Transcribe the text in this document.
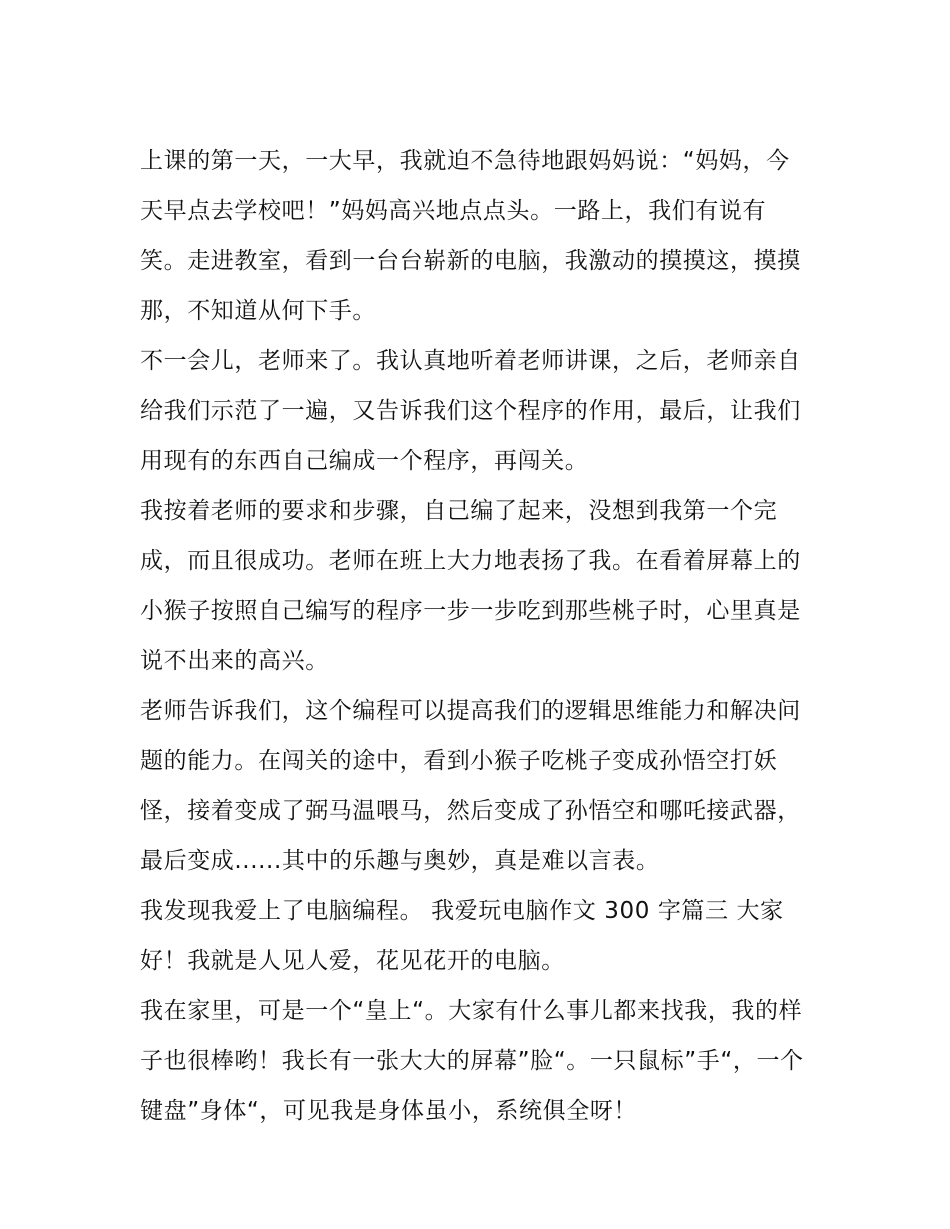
上课的第一天，一大早，我就迫不急待地跟妈妈说：“妈妈，今天早点去学校吧！”妈妈高兴地点点头。一路上，我们有说有笑。走进教室，看到一台台崭新的电脑，我激动的摸摸这，摸摸那，不知道从何下手。

不一会儿，老师来了。我认真地听着老师讲课，之后，老师亲自给我们示范了一遍，又告诉我们这个程序的作用，最后，让我们用现有的东西自己编成一个程序，再闯关。

我按着老师的要求和步骤，自己编了起来，没想到我第一个完成，而且很成功。老师在班上大力地表扬了我。在看着屏幕上的小猴子按照自己编写的程序一步一步吃到那些桃子时，心里真是说不出来的高兴。

老师告诉我们，这个编程可以提高我们的逻辑思维能力和解决问题的能力。在闯关的途中，看到小猴子吃桃子变成孙悟空打妖怪，接着变成了弼马温喂马，然后变成了孙悟空和哪吒接武器，最后变成......其中的乐趣与奥妙，真是难以言表。

我发现我爱上了电脑编程。 我爱玩电脑作文 300 字篇三 大家好！我就是人见人爱，花见花开的电脑。

我在家里，可是一个“皇上“。大家有什么事儿都来找我，我的样子也很棒哟！我长有一张大大的屏幕”脸“。一只鼠标”手“，一个键盘”身体“，可见我是身体虽小，系统俱全呀！
